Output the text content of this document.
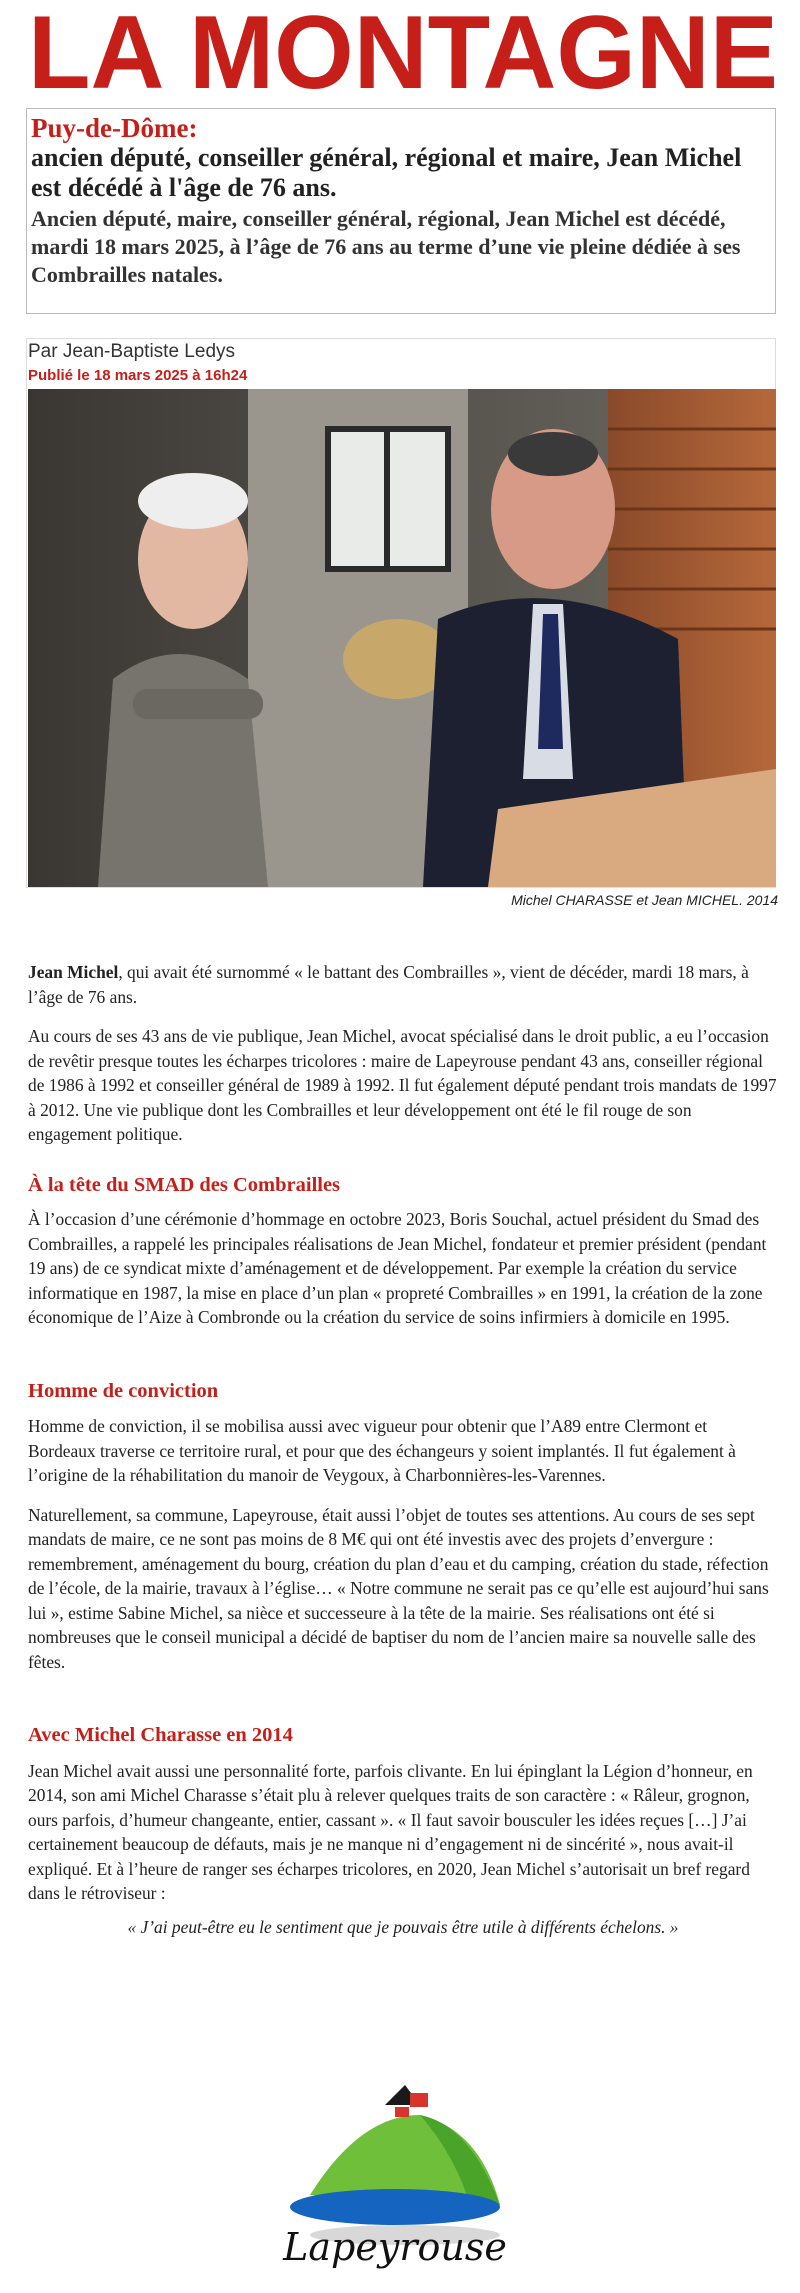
LA MONTAGNE
Puy-de-Dôme:
ancien député, conseiller général, régional et maire, Jean Michel est décédé à l'âge de 76 ans.
Ancien député, maire, conseiller général, régional, Jean Michel est décédé, mardi 18 mars 2025, à l’âge de 76 ans au terme d’une vie pleine dédiée à ses Combrailles natales.
Par Jean-Baptiste Ledys
Publié le 18 mars 2025 à 16h24
Michel CHARASSE et Jean MICHEL. 2014

Jean Michel, qui avait été surnommé « le battant des Combrailles », vient de décéder, mardi 18 mars, à l’âge de 76 ans.

Au cours de ses 43 ans de vie publique, Jean Michel, avocat spécialisé dans le droit public, a eu l’occasion de revêtir presque toutes les écharpes tricolores : maire de Lapeyrouse pendant 43 ans, conseiller régional de 1986 à 1992 et conseiller général de 1989 à 1992. Il fut également député pendant trois mandats de 1997 à 2012. Une vie publique dont les Combrailles et leur développement ont été le fil rouge de son engagement politique.

À la tête du SMAD des Combrailles

À l’occasion d’une cérémonie d’hommage en octobre 2023, Boris Souchal, actuel président du Smad des Combrailles, a rappelé les principales réalisations de Jean Michel, fondateur et premier président (pendant 19 ans) de ce syndicat mixte d’aménagement et de développement. Par exemple la création du service informatique en 1987, la mise en place d’un plan « propreté Combrailles » en 1991, la création de la zone économique de l’Aize à Combronde ou la création du service de soins infirmiers à domicile en 1995.

Homme de conviction

Homme de conviction, il se mobilisa aussi avec vigueur pour obtenir que l’A89 entre Clermont et Bordeaux traverse ce territoire rural, et pour que des échangeurs y soient implantés. Il fut également à l’origine de la réhabilitation du manoir de Veygoux, à Charbonnières-les-Varennes.

Naturellement, sa commune, Lapeyrouse, était aussi l’objet de toutes ses attentions. Au cours de ses sept mandats de maire, ce ne sont pas moins de 8 M€ qui ont été investis avec des projets d’envergure : remembrement, aménagement du bourg, création du plan d’eau et du camping, création du stade, réfection de l’école, de la mairie, travaux à l’église… « Notre commune ne serait pas ce qu’elle est aujourd’hui sans lui », estime Sabine Michel, sa nièce et successeure à la tête de la mairie. Ses réalisations ont été si nombreuses que le conseil municipal a décidé de baptiser du nom de l’ancien maire sa nouvelle salle des fêtes.

Avec Michel Charasse en 2014

Jean Michel avait aussi une personnalité forte, parfois clivante. En lui épinglant la Légion d’honneur, en 2014, son ami Michel Charasse s’était plu à relever quelques traits de son caractère : « Râleur, grognon, ours parfois, d’humeur changeante, entier, cassant ». « Il faut savoir bousculer les idées reçues […] J’ai certainement beaucoup de défauts, mais je ne manque ni d’engagement ni de sincérité », nous avait-il expliqué. Et à l’heure de ranger ses écharpes tricolores, en 2020, Jean Michel s’autorisait un bref regard dans le rétroviseur :

« J’ai peut-être eu le sentiment que je pouvais être utile à différents échelons. »

Lapeyrouse
